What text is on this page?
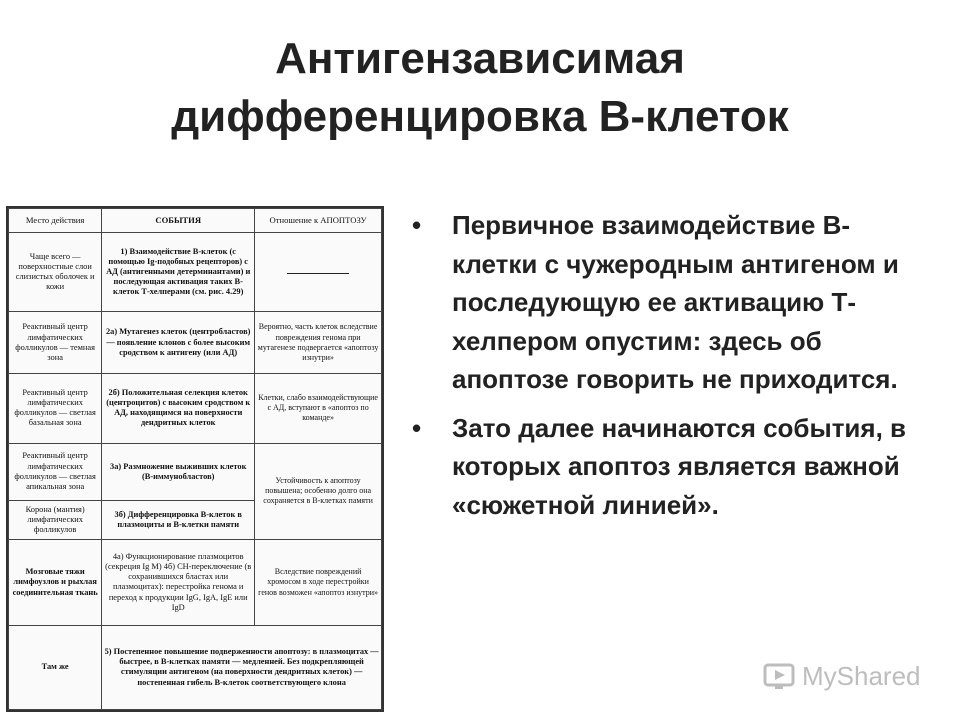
Антигензависимая
дифференцировка В-клеток
Место действия	СОБЫТИЯ	Отношение к АПОПТОЗУ
Чаще всего — поверхностные слои слизистых оболочек и кожи	1) Взаимодействие В-клеток (с помощью Ig-подобных рецепторов) с АД (антигенными детерминантами) и последующая активация таких В-клеток Т-хелперами (см. рис. 4.29)	
Реактивный центр лимфатических фолликулов — темная зона	2а) Мутагенез клеток (центробластов) — появление клонов с более высоким сродством к антигену (или АД)	Вероятно, часть клеток вследствие повреждения генома при мутагенезе подвергается «апоптозу изнутри»
Реактивный центр лимфатических фолликулов — светлая базальная зона	2б) Положительная селекция клеток (центроцитов) с высоким сродством к АД, находящимся на поверхности дендритных клеток	Клетки, слабо взаимодействующие с АД, вступают в «апоптоз по команде»
Реактивный центр лимфатических фолликулов — светлая апикальная зона	3а) Размножение выживших клеток (В-иммунобластов)	Устойчивость к апоптозу повышена; особенно долго она сохраняется в В-клетках памяти
Корона (мантия) лимфатических фолликулов	3б) Дифференцировка В-клеток в плазмоциты и В-клетки памяти	
Мозговые тяжи лимфоузлов и рыхлая соединительная ткань	4а) Функционирование плазмоцитов (секреция Ig M) 4б) CH-переключение (в сохранившихся бластах или плазмоцитах): перестройка генома и переход к продукции IgG, IgA, IgE или IgD	Вследствие повреждений хромосом в ходе перестройки генов возможен «апоптоз изнутри»
Там же	5) Постепенное повышение подверженности апоптозу: в плазмоцитах — быстрее, в В-клетках памяти — медленней. Без подкрепляющей стимуляции антигеном (на поверхности дендритных клеток) — постепенная гибель В-клеток соответствующего клона	
•	Первичное взаимодействие В-клетки с чужеродным антигеном и последующую ее активацию Т-хелпером опустим: здесь об апоптозе говорить не приходится.
•	Зато далее начинаются события, в которых апоптоз является важной «сюжетной линией».
MyShared
